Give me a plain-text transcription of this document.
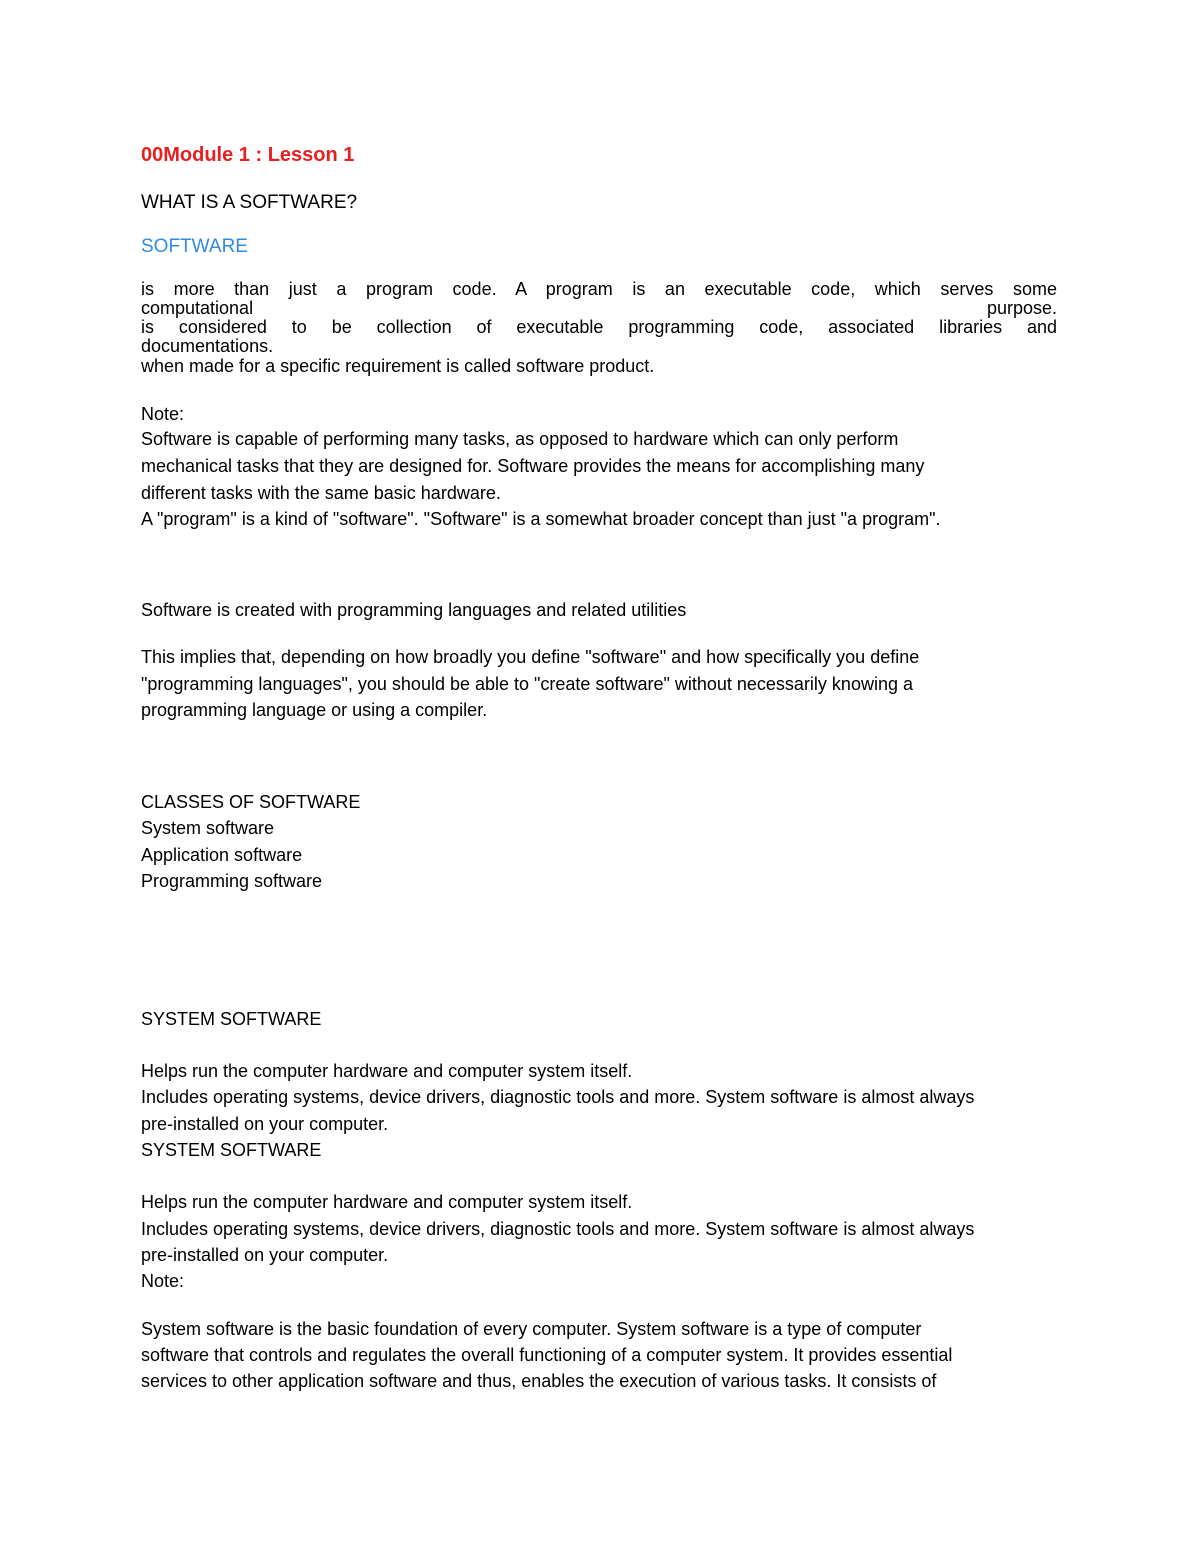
00Module 1 : Lesson 1

WHAT IS A SOFTWARE?

SOFTWARE

is more than just a program code. A program is an executable code, which serves some

computational	purpose.

is considered to be collection of executable programming code, associated libraries and

documentations.

when made for a specific requirement is called software product.

Note:

Software is capable of performing many tasks, as opposed to hardware which can only perform

mechanical tasks that they are designed for. Software provides the means for accomplishing many

different tasks with the same basic hardware.

A "program" is a kind of "software". "Software" is a somewhat broader concept than just "a program".

Software is created with programming languages and related utilities

This implies that, depending on how broadly you define "software" and how specifically you define

"programming languages", you should be able to "create software" without necessarily knowing a

programming language or using a compiler.

CLASSES OF SOFTWARE

System software

Application software

Programming software

SYSTEM SOFTWARE

Helps run the computer hardware and computer system itself.

Includes operating systems, device drivers, diagnostic tools and more. System software is almost always

pre-installed on your computer.

SYSTEM SOFTWARE

Helps run the computer hardware and computer system itself.

Includes operating systems, device drivers, diagnostic tools and more. System software is almost always

pre-installed on your computer.

Note:

System software is the basic foundation of every computer. System software is a type of computer

software that controls and regulates the overall functioning of a computer system. It provides essential

services to other application software and thus, enables the execution of various tasks. It consists of
